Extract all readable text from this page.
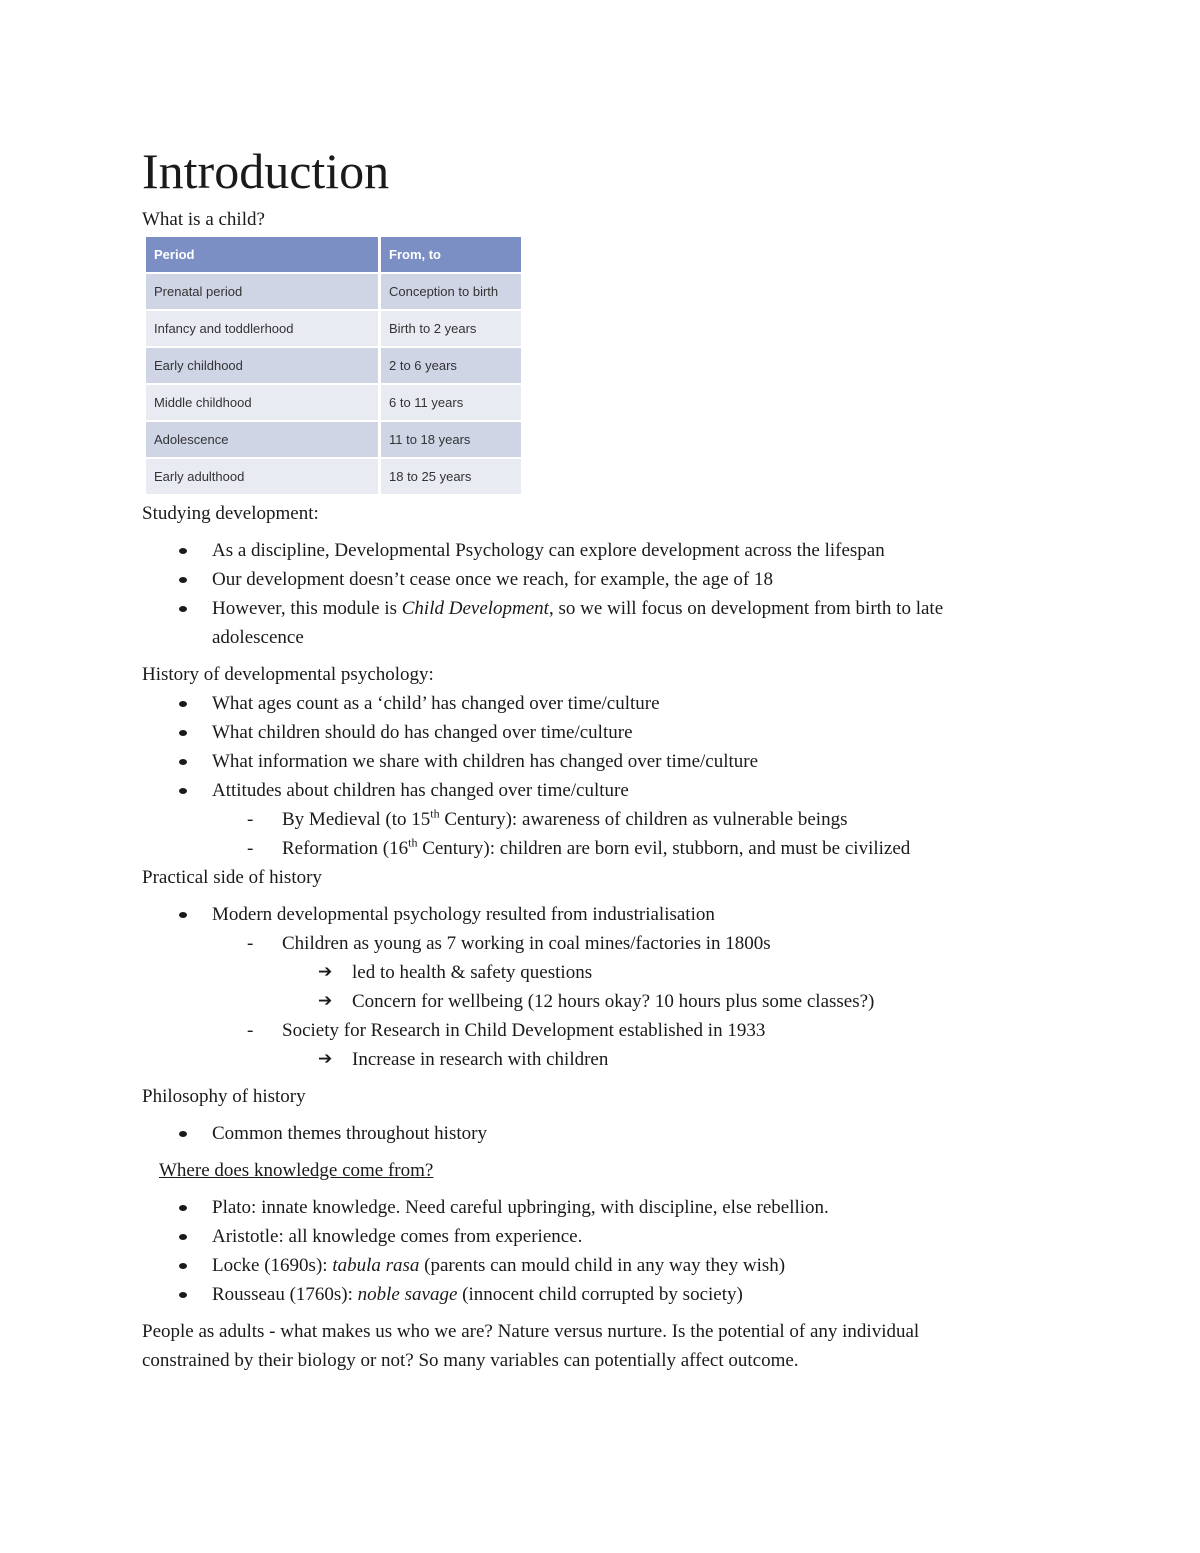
Introduction

What is a child?

Period	From, to
Prenatal period	Conception to birth
Infancy and toddlerhood	Birth to 2 years
Early childhood	2 to 6 years
Middle childhood	6 to 11 years
Adolescence	11 to 18 years
Early adulthood	18 to 25 years

Studying development:

As a discipline, Developmental Psychology can explore development across the lifespan
Our development doesn’t cease once we reach, for example, the age of 18
However, this module is Child Development, so we will focus on development from birth to late
adolescence

History of developmental psychology:

What ages count as a ‘child’ has changed over time/culture
What children should do has changed over time/culture
What information we share with children has changed over time/culture
Attitudes about children has changed over time/culture
- By Medieval (to 15th Century): awareness of children as vulnerable beings
- Reformation (16th Century): children are born evil, stubborn, and must be civilized

Practical side of history

Modern developmental psychology resulted from industrialisation
- Children as young as 7 working in coal mines/factories in 1800s
➔ led to health & safety questions
➔ Concern for wellbeing (12 hours okay? 10 hours plus some classes?)
- Society for Research in Child Development established in 1933
➔ Increase in research with children

Philosophy of history

Common themes throughout history

Where does knowledge come from?

Plato: innate knowledge. Need careful upbringing, with discipline, else rebellion.
Aristotle: all knowledge comes from experience.
Locke (1690s): tabula rasa (parents can mould child in any way they wish)
Rousseau (1760s): noble savage (innocent child corrupted by society)

People as adults - what makes us who we are? Nature versus nurture. Is the potential of any individual
constrained by their biology or not? So many variables can potentially affect outcome.
